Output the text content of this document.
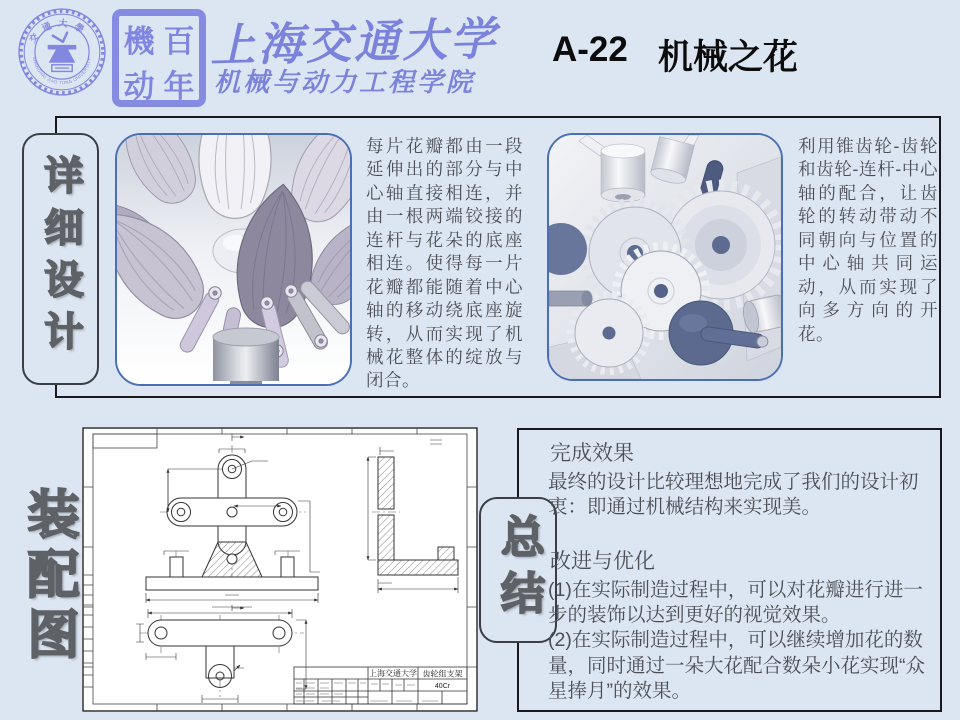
交通大學
SHANGHAI JIAO TONG UNIVERSITY 機 百
动 年
上海交通大学
机械与动力工程学院
A-22 机械之花
详细设计
每片花瓣都由一段延伸出的部分与中心轴直接相连，并由一根两端铰接的连杆与花朵的底座相连。使得每一片花瓣都能随着中心轴的移动绕底座旋转，从而实现了机械花整体的绽放与闭合。
利用锥齿轮-齿轮和齿轮-连杆-中心轴的配合，让齿轮的转动带动不同朝向与位置的中心轴共同运动，从而实现了向多方向的开花。
装配图
上海交通大学 齿轮组支架
40Cr
总结
完成效果

最终的设计比较理想地完成了我们的设计初衷：即通过机械结构来实现美。

改进与优化

(1)在实际制造过程中，可以对花瓣进行进一步的装饰以达到更好的视觉效果。

(2)在实际制造过程中，可以继续增加花的数量，同时通过一朵大花配合数朵小花实现“众星捧月”的效果。
